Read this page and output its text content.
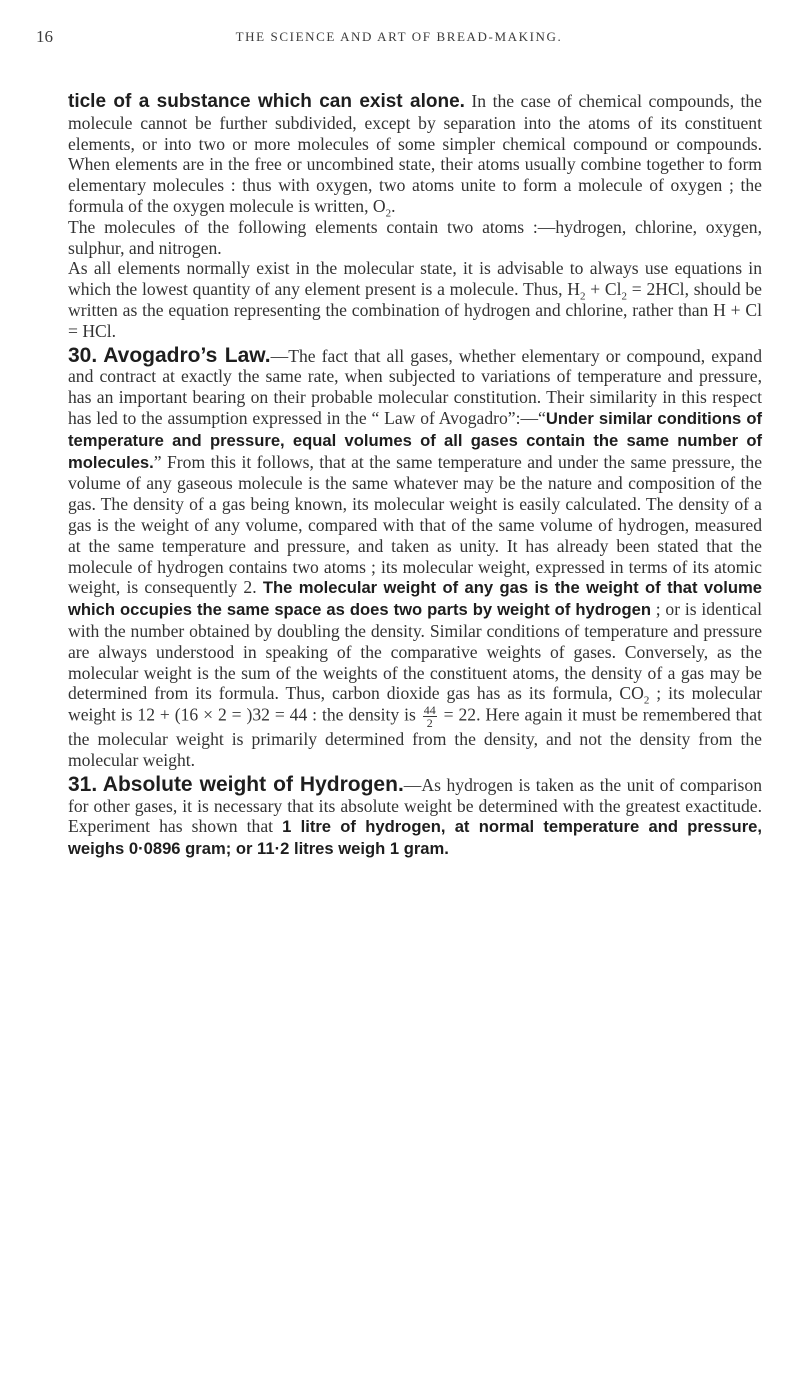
16	THE SCIENCE AND ART OF BREAD-MAKING.

ticle of a substance which can exist alone. In the case of chemical compounds, the molecule cannot be further subdivided, except by separation into the atoms of its constituent elements, or into two or more molecules of some simpler chemical compound or compounds. When elements are in the free or uncombined state, their atoms usually combine together to form elementary molecules : thus with oxygen, two atoms unite to form a molecule of oxygen ; the formula of the oxygen molecule is written, $O_2$.

The molecules of the following elements contain two atoms :—hydrogen, chlorine, oxygen, sulphur, and nitrogen.

As all elements normally exist in the molecular state, it is advisable to always use equations in which the lowest quantity of any element present is a molecule. Thus, $H_2 + Cl_2 = 2HCl$, should be written as the equation representing the combination of hydrogen and chlorine, rather than H + Cl = HCl.

30. Avogadro’s Law.—The fact that all gases, whether elementary or compound, expand and contract at exactly the same rate, when subjected to variations of temperature and pressure, has an important bearing on their probable molecular constitution. Their similarity in this respect has led to the assumption expressed in the “ Law of Avogadro”:—“Under similar conditions of temperature and pressure, equal volumes of all gases contain the same number of molecules.” From this it follows, that at the same temperature and under the same pressure, the volume of any gaseous molecule is the same whatever may be the nature and composition of the gas. The density of a gas being known, its molecular weight is easily calculated. The density of a gas is the weight of any volume, compared with that of the same volume of hydrogen, measured at the same temperature and pressure, and taken as unity. It has already been stated that the molecule of hydrogen contains two atoms ; its molecular weight, expressed in terms of its atomic weight, is consequently 2. The molecular weight of any gas is the weight of that volume which occupies the same space as does two parts by weight of hydrogen ; or is identical with the number obtained by doubling the density. Similar conditions of temperature and pressure are always understood in speaking of the comparative weights of gases. Conversely, as the molecular weight is the sum of the weights of the constituent atoms, the density of a gas may be determined from its formula. Thus, carbon dioxide gas has as its formula, $CO_2$ ; its molecular weight is 12 + (16 × 2 = )32 = 44 : the density is $\frac{44}{2} = 22$. Here again it must be remembered that the molecular weight is primarily determined from the density, and not the density from the molecular weight.

31. Absolute weight of Hydrogen.—As hydrogen is taken as the unit of comparison for other gases, it is necessary that its absolute weight be determined with the greatest exactitude. Experiment has shown that 1 litre of hydrogen, at normal temperature and pressure, weighs 0·0896 gram; or 11·2 litres weigh 1 gram.
